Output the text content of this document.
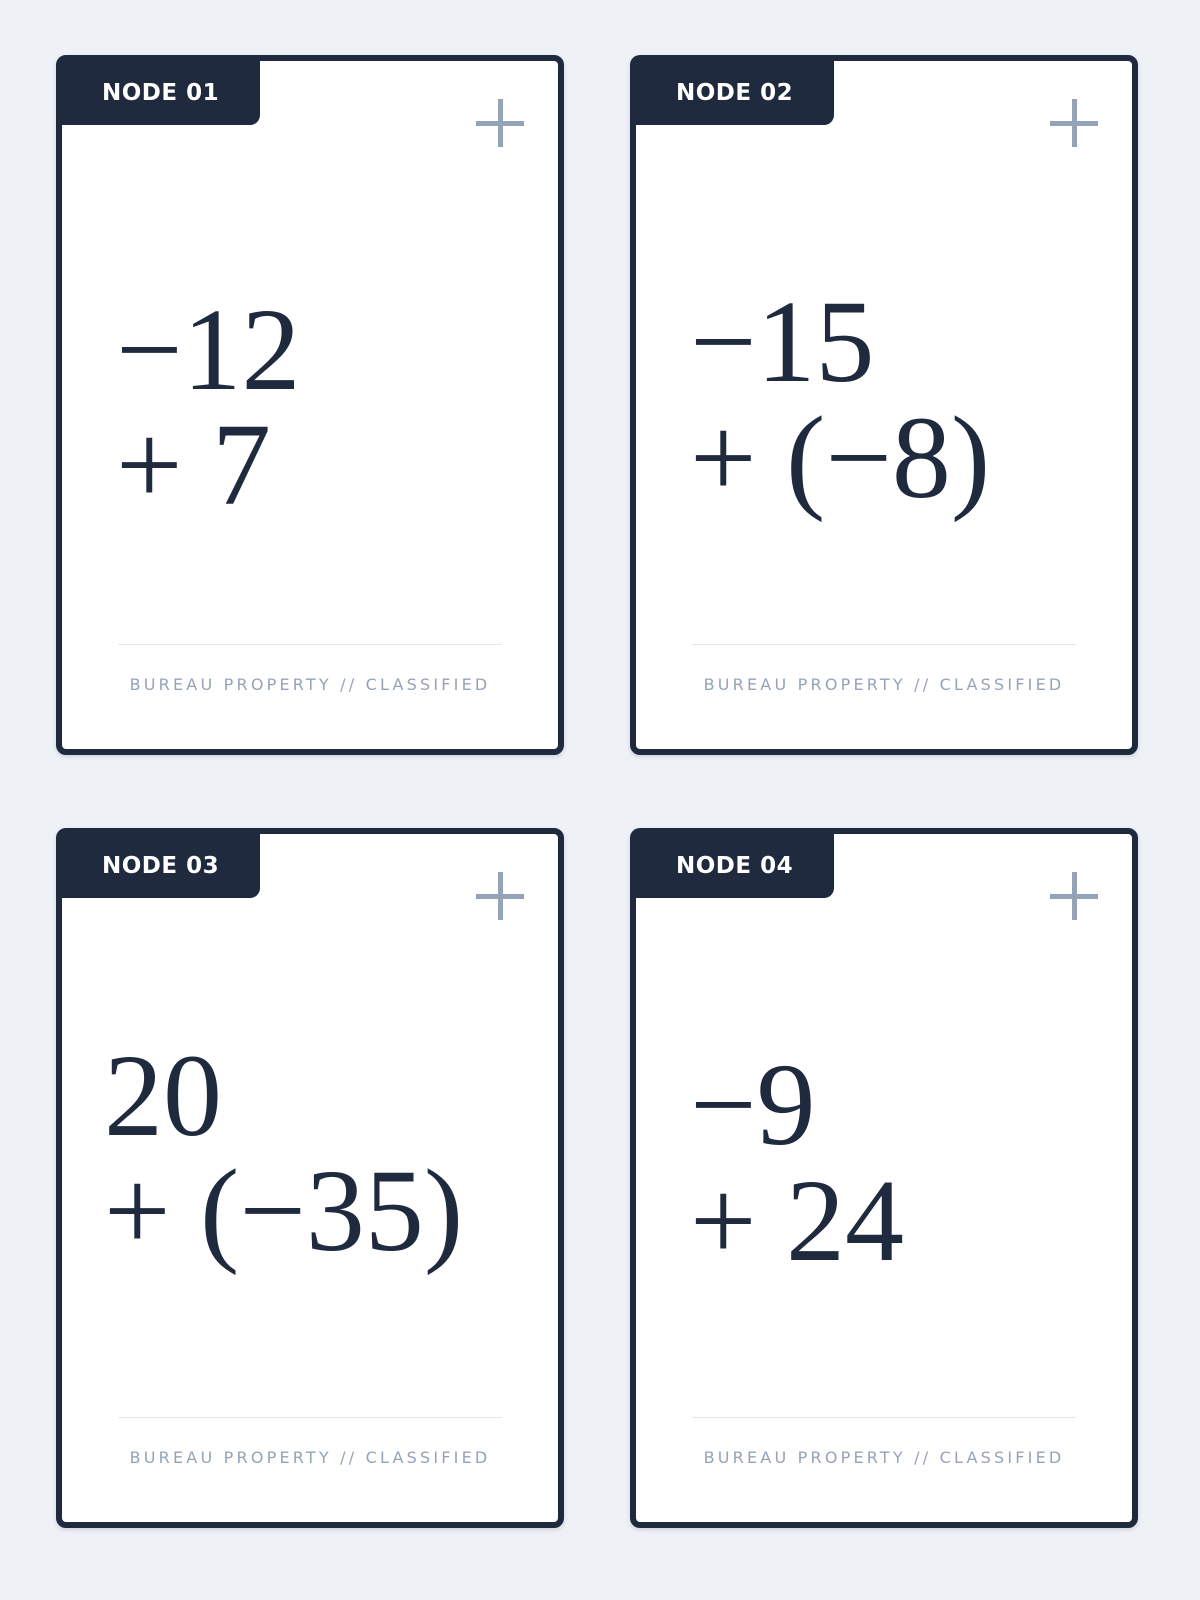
NODE 01
−12
+ 7
BUREAU PROPERTY // CLASSIFIED
NODE 02
−15
+ (−8)
BUREAU PROPERTY // CLASSIFIED
NODE 03
20
+ (−35)
BUREAU PROPERTY // CLASSIFIED
NODE 04
−9
+ 24
BUREAU PROPERTY // CLASSIFIED
